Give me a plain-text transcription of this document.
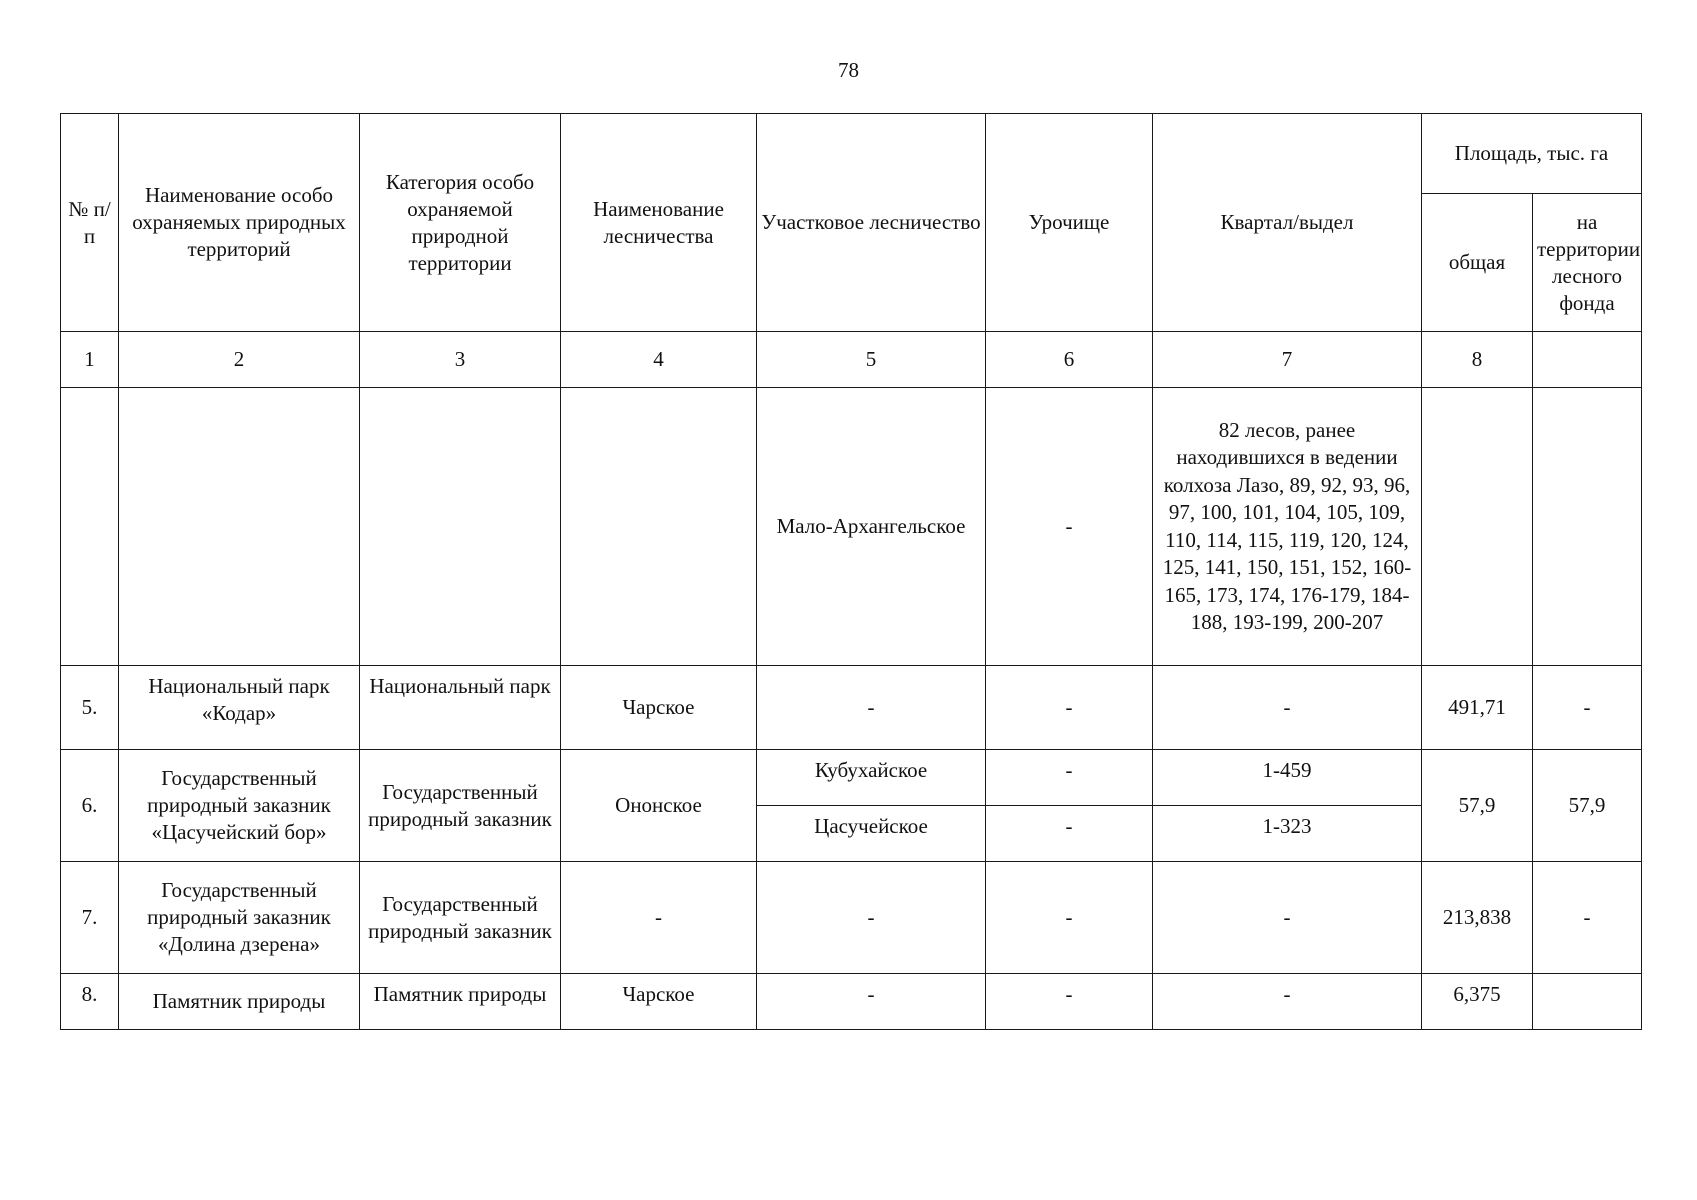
78
№ п/п	Наименование особо охраняемых природных территорий	Категория особо охраняемой природной территории	Наименование лесничества	Участковое лесничество	Урочище	Квартал/выдел	Площадь, тыс. га	
							общая	на территории лесного фонда
1	2	3	4	5	6	7	8	
				Мало-Архангельское	-	82 лесов, ранее находившихся в ведении колхоза Лазо, 89, 92, 93, 96, 97, 100, 101, 104, 105, 109, 110, 114, 115, 119, 120, 124, 125, 141, 150, 151, 152, 160-165, 173, 174, 176-179, 184-188, 193-199, 200-207		
5.	Национальный парк «Кодар»	Национальный парк	Чарское	-	-	-	491,71	-
6.	Государственный природный заказник «Цасучейский бор»	Государственный природный заказник	Ононское	Кубухайское	-	1-459	57,9	57,9
				Цасучейское	-	1-323		
7.	Государственный природный заказник «Долина дзерена»	Государственный природный заказник	-	-	-	-	213,838	-
8.	Памятник природы	Памятник природы	Чарское	-	-	-	6,375	
